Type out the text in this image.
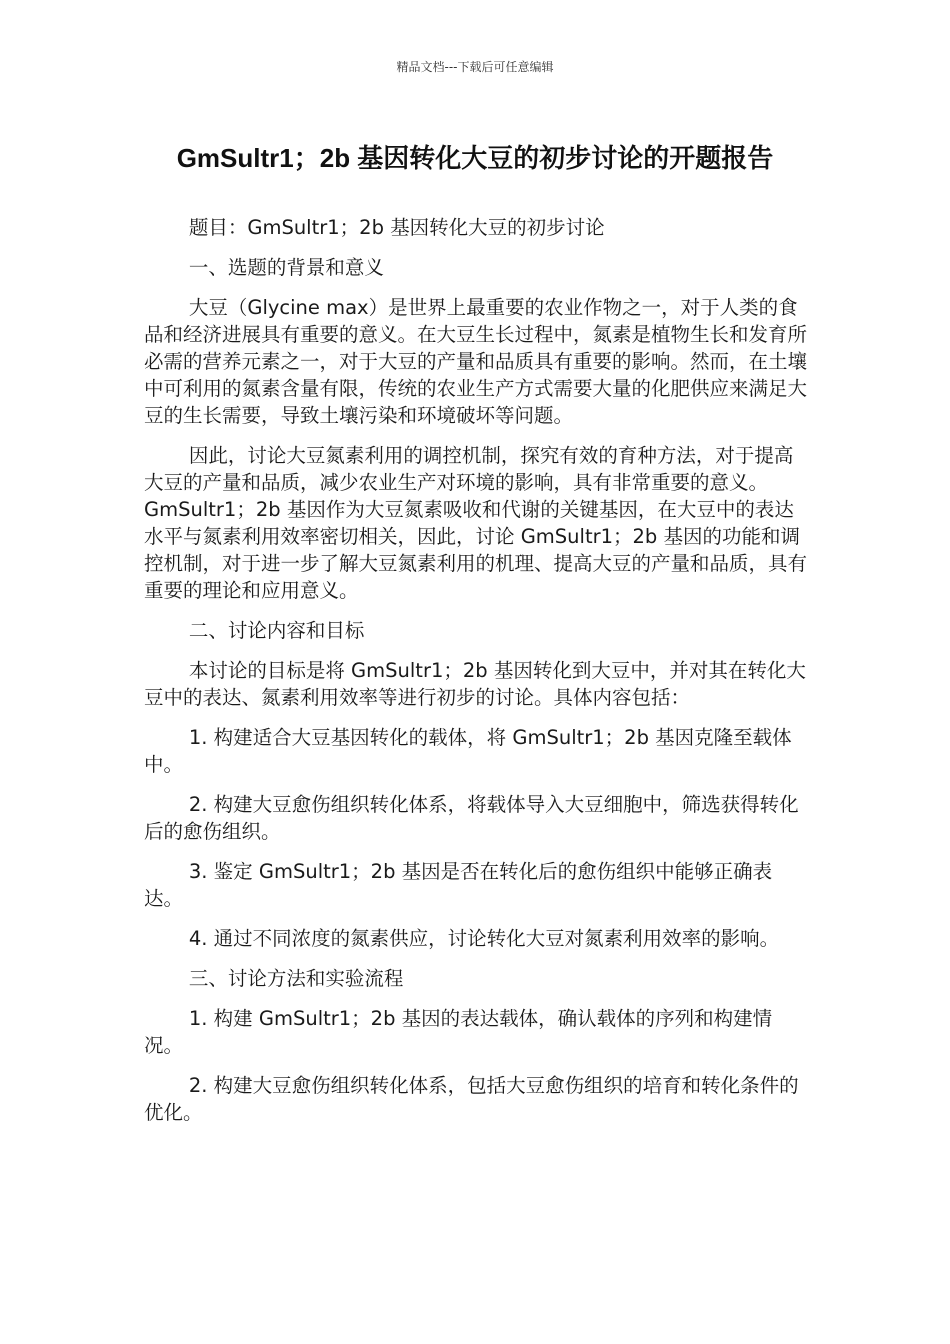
精品文档---下载后可任意编辑
GmSultr1；2b 基因转化大豆的初步讨论的开题报告

题目：GmSultr1；2b 基因转化大豆的初步讨论

一、选题的背景和意义

大豆（Glycine max）是世界上最重要的农业作物之一，对于人类的食品和经济进展具有重要的意义。在大豆生长过程中，氮素是植物生长和发育所必需的营养元素之一，对于大豆的产量和品质具有重要的影响。然而，在土壤中可利用的氮素含量有限，传统的农业生产方式需要大量的化肥供应来满足大豆的生长需要，导致土壤污染和环境破坏等问题。

因此，讨论大豆氮素利用的调控机制，探究有效的育种方法，对于提高大豆的产量和品质，减少农业生产对环境的影响，具有非常重要的意义。GmSultr1；2b 基因作为大豆氮素吸收和代谢的关键基因，在大豆中的表达水平与氮素利用效率密切相关，因此，讨论 GmSultr1；2b 基因的功能和调控机制，对于进一步了解大豆氮素利用的机理、提高大豆的产量和品质，具有重要的理论和应用意义。

二、讨论内容和目标

本讨论的目标是将 GmSultr1；2b 基因转化到大豆中，并对其在转化大豆中的表达、氮素利用效率等进行初步的讨论。具体内容包括：

1. 构建适合大豆基因转化的载体，将 GmSultr1；2b 基因克隆至载体中。

2. 构建大豆愈伤组织转化体系，将载体导入大豆细胞中，筛选获得转化后的愈伤组织。

3. 鉴定 GmSultr1；2b 基因是否在转化后的愈伤组织中能够正确表达。

4. 通过不同浓度的氮素供应，讨论转化大豆对氮素利用效率的影响。

三、讨论方法和实验流程

1. 构建 GmSultr1；2b 基因的表达载体，确认载体的序列和构建情况。

2. 构建大豆愈伤组织转化体系，包括大豆愈伤组织的培育和转化条件的优化。
